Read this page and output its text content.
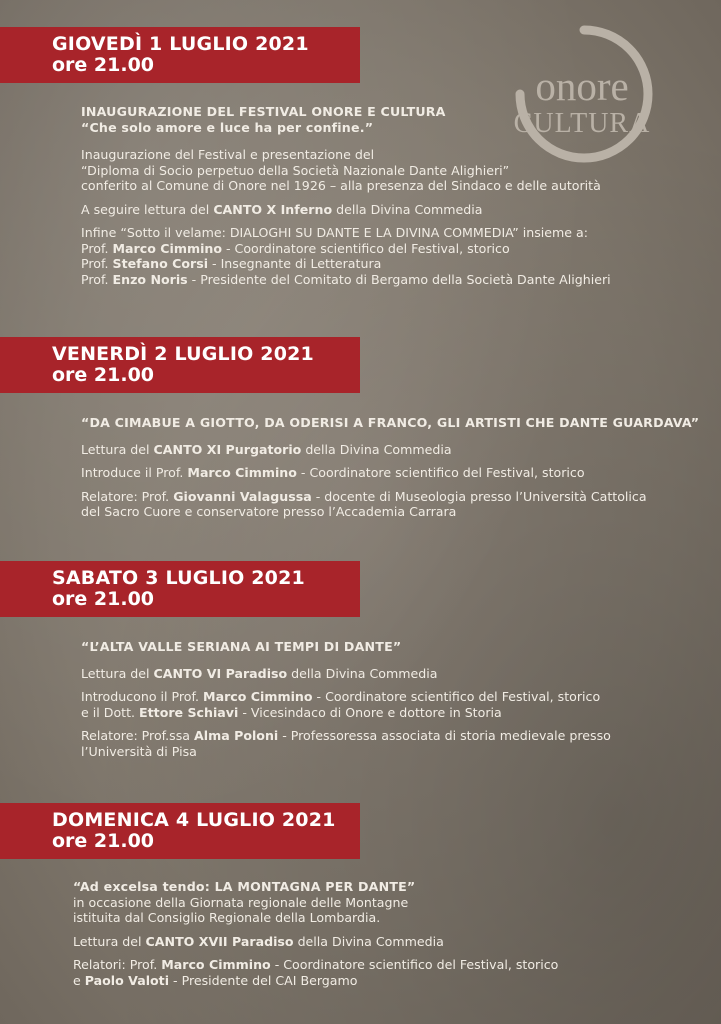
onore
CULTURA
GIOVEDÌ 1 LUGLIO 2021
ore 21.00

INAUGURAZIONE DEL FESTIVAL ONORE E CULTURA
“Che solo amore e luce ha per confine.”

Inaugurazione del Festival e presentazione del
“Diploma di Socio perpetuo della Società Nazionale Dante Alighieri”
conferito al Comune di Onore nel 1926 – alla presenza del Sindaco e delle autorità

A seguire lettura del CANTO X Inferno della Divina Commedia

Infine “Sotto il velame: DIALOGHI SU DANTE E LA DIVINA COMMEDIA” insieme a:
Prof. Marco Cimmino - Coordinatore scientifico del Festival, storico
Prof. Stefano Corsi - Insegnante di Letteratura
Prof. Enzo Noris - Presidente del Comitato di Bergamo della Società Dante Alighieri

VENERDÌ 2 LUGLIO 2021
ore 21.00

“DA CIMABUE A GIOTTO, DA ODERISI A FRANCO, GLI ARTISTI CHE DANTE GUARDAVA”

Lettura del CANTO XI Purgatorio della Divina Commedia

Introduce il Prof. Marco Cimmino - Coordinatore scientifico del Festival, storico

Relatore: Prof. Giovanni Valagussa - docente di Museologia presso l’Università Cattolica
del Sacro Cuore e conservatore presso l’Accademia Carrara

SABATO 3 LUGLIO 2021
ore 21.00

“L’ALTA VALLE SERIANA AI TEMPI DI DANTE”

Lettura del CANTO VI Paradiso della Divina Commedia

Introducono il Prof. Marco Cimmino - Coordinatore scientifico del Festival, storico
e il Dott. Ettore Schiavi - Vicesindaco di Onore e dottore in Storia

Relatore: Prof.ssa Alma Poloni - Professoressa associata di storia medievale presso
l’Università di Pisa

DOMENICA 4 LUGLIO 2021
ore 21.00

“Ad excelsa tendo: LA MONTAGNA PER DANTE”
in occasione della Giornata regionale delle Montagne
istituita dal Consiglio Regionale della Lombardia.

Lettura del CANTO XVII Paradiso della Divina Commedia

Relatori: Prof. Marco Cimmino - Coordinatore scientifico del Festival, storico
e Paolo Valoti - Presidente del CAI Bergamo
